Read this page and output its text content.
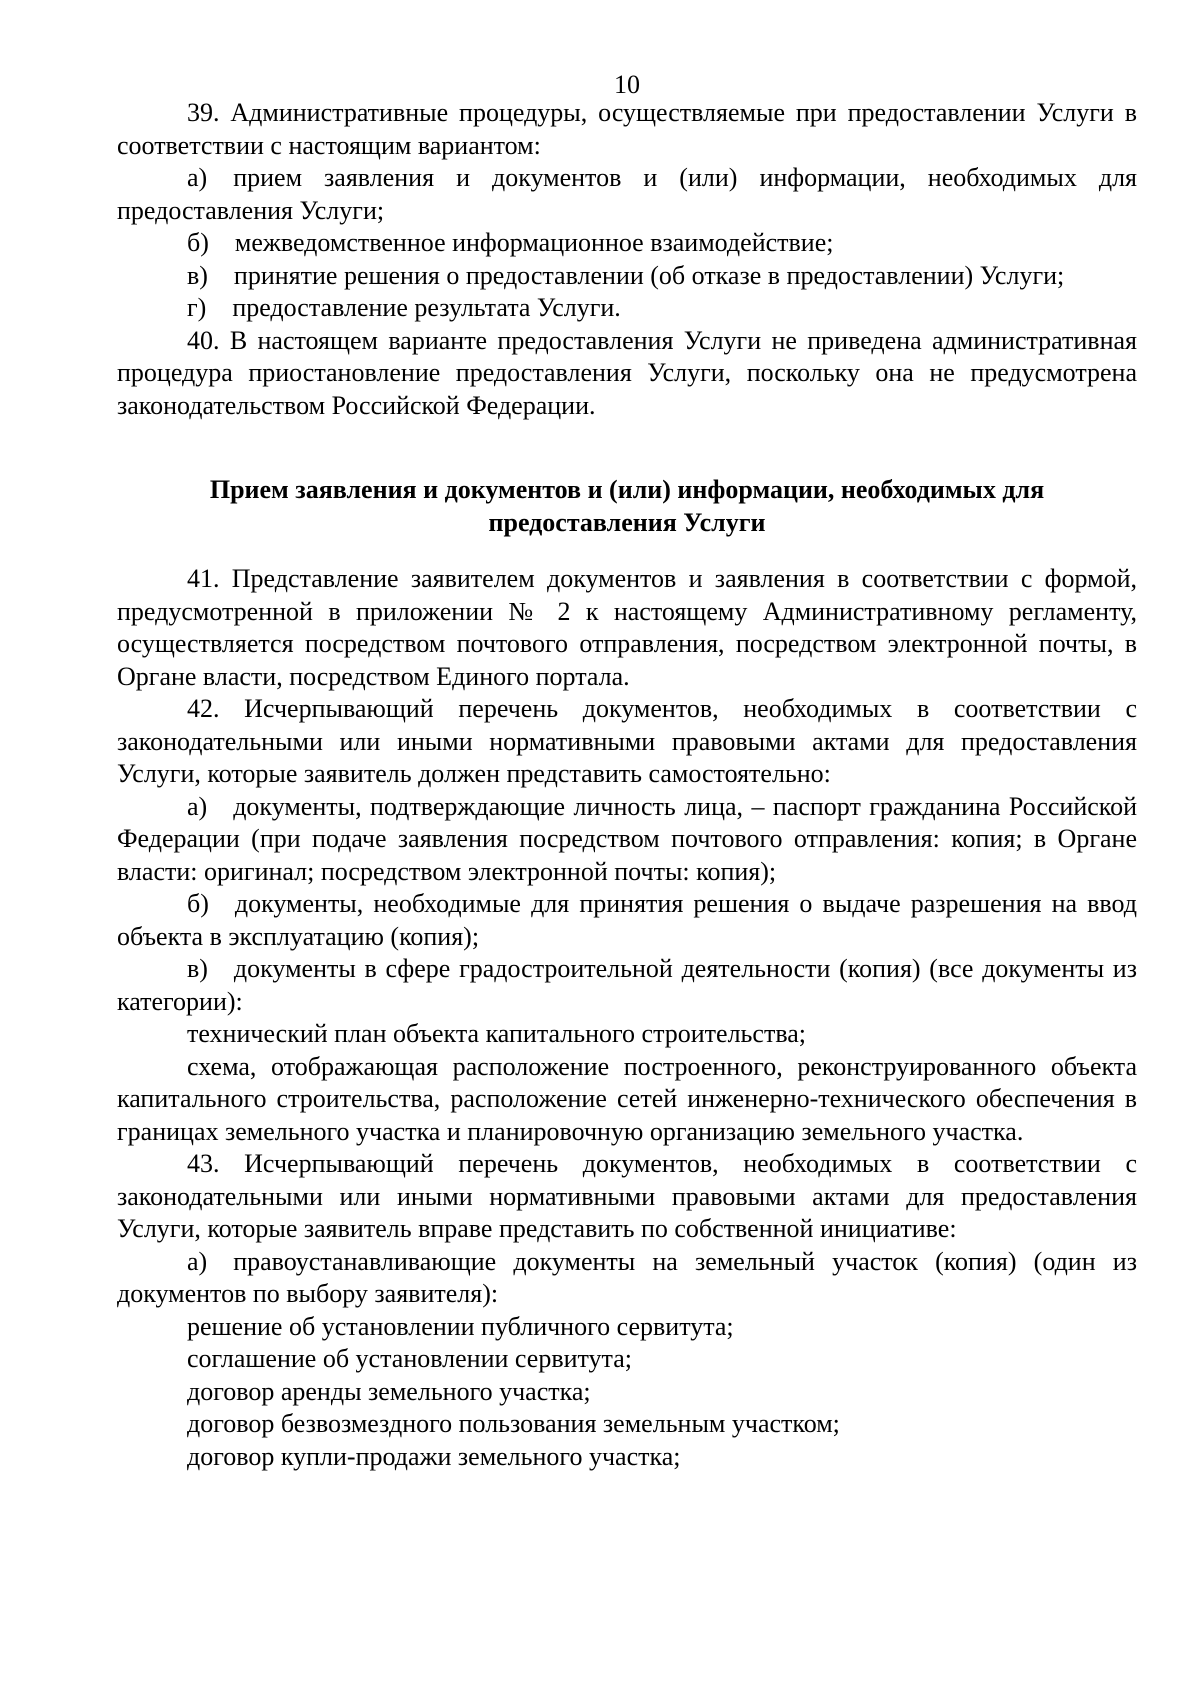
10

39. Административные процедуры, осуществляемые при предоставлении Услуги в соответствии с настоящим вариантом:

а) прием заявления и документов и (или) информации, необходимых для предоставления Услуги;

б) межведомственное информационное взаимодействие;

в) принятие решения о предоставлении (об отказе в предоставлении) Услуги;

г) предоставление результата Услуги.

40. В настоящем варианте предоставления Услуги не приведена административная процедура приостановление предоставления Услуги, поскольку она не предусмотрена законодательством Российской Федерации.

Прием заявления и документов и (или) информации, необходимых для предоставления Услуги

41. Представление заявителем документов и заявления в соответствии с формой, предусмотренной в приложении № 2 к настоящему Административному регламенту, осуществляется посредством почтового отправления, посредством электронной почты, в Органе власти, посредством Единого портала.

42. Исчерпывающий перечень документов, необходимых в соответствии с законодательными или иными нормативными правовыми актами для предоставления Услуги, которые заявитель должен представить самостоятельно:

а) документы, подтверждающие личность лица, – паспорт гражданина Российской Федерации (при подаче заявления посредством почтового отправления: копия; в Органе власти: оригинал; посредством электронной почты: копия);

б) документы, необходимые для принятия решения о выдаче разрешения на ввод объекта в эксплуатацию (копия);

в) документы в сфере градостроительной деятельности (копия) (все документы из категории):

технический план объекта капитального строительства;

схема, отображающая расположение построенного, реконструированного объекта капитального строительства, расположение сетей инженерно-технического обеспечения в границах земельного участка и планировочную организацию земельного участка.

43. Исчерпывающий перечень документов, необходимых в соответствии с законодательными или иными нормативными правовыми актами для предоставления Услуги, которые заявитель вправе представить по собственной инициативе:

а) правоустанавливающие документы на земельный участок (копия) (один из документов по выбору заявителя):

решение об установлении публичного сервитута;

соглашение об установлении сервитута;

договор аренды земельного участка;

договор безвозмездного пользования земельным участком;

договор купли-продажи земельного участка;
